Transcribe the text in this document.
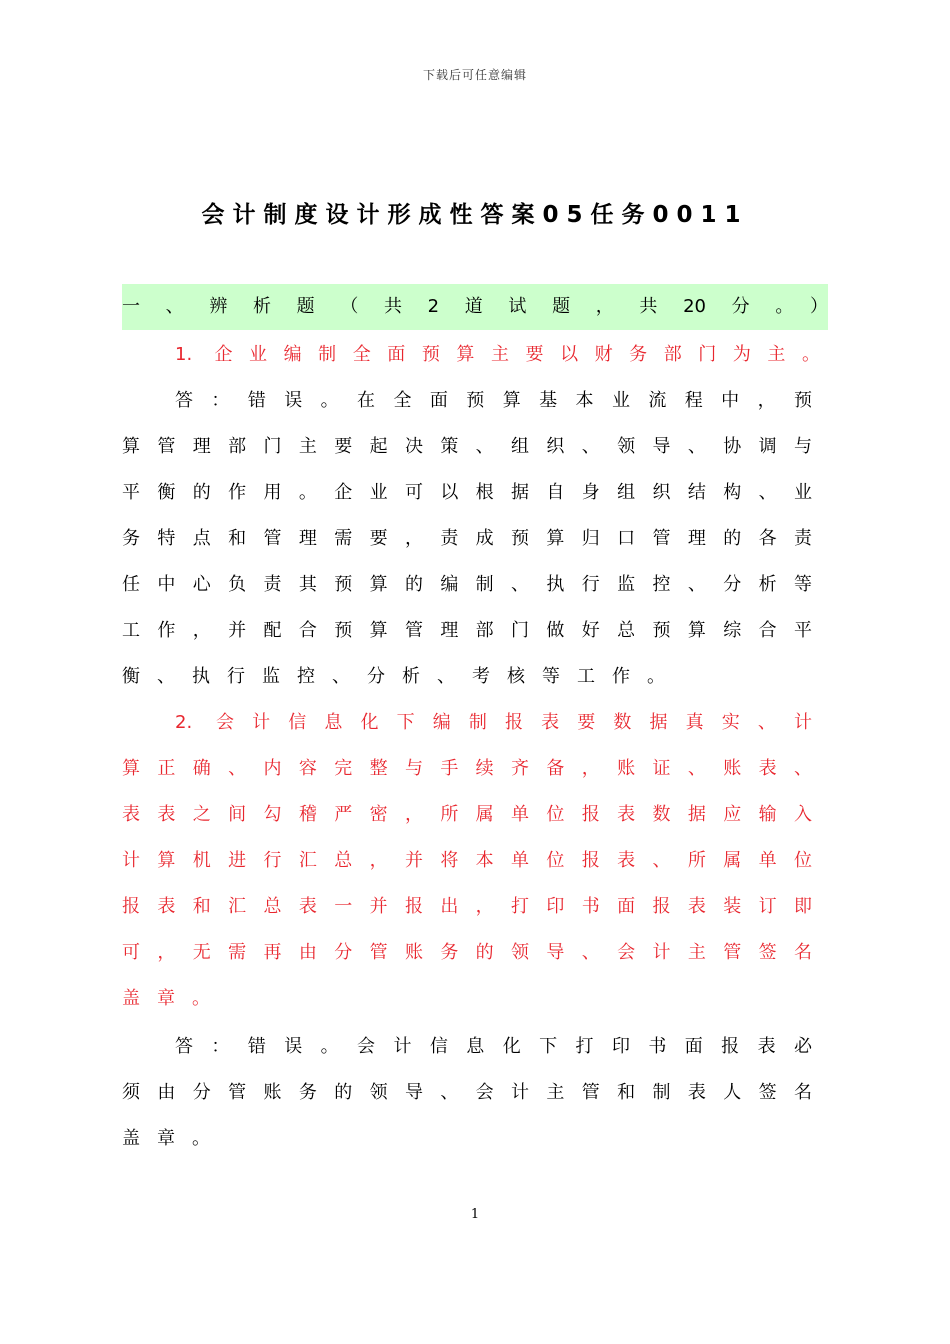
下载后可任意编辑
会计制度设计形成性答案05任务0011
一、辨析题（共2道试题，共20分。）
1. 企业编制全面预算主要以财务部门为主。
答：错误。在全面预算基本业流程中，预
算管理部门主要起决策、组织、领导、协调与
平衡的作用。企业可以根据自身组织结构、业
务特点和管理需要，责成预算归口管理的各责
任中心负责其预算的编制、执行监控、分析等
工作，并配合预算管理部门做好总预算综合平
衡、执行监控、分析、考核等工作。
2. 会计信息化下编制报表要数据真实、计
算正确、内容完整与手续齐备，账证、账表、
表表之间勾稽严密，所属单位报表数据应输入
计算机进行汇总，并将本单位报表、所属单位
报表和汇总表一并报出，打印书面报表装订即
可，无需再由分管账务的领导、会计主管签名
盖章。
答：错误。会计信息化下打印书面报表必
须由分管账务的领导、会计主管和制表人签名
盖章。
1
